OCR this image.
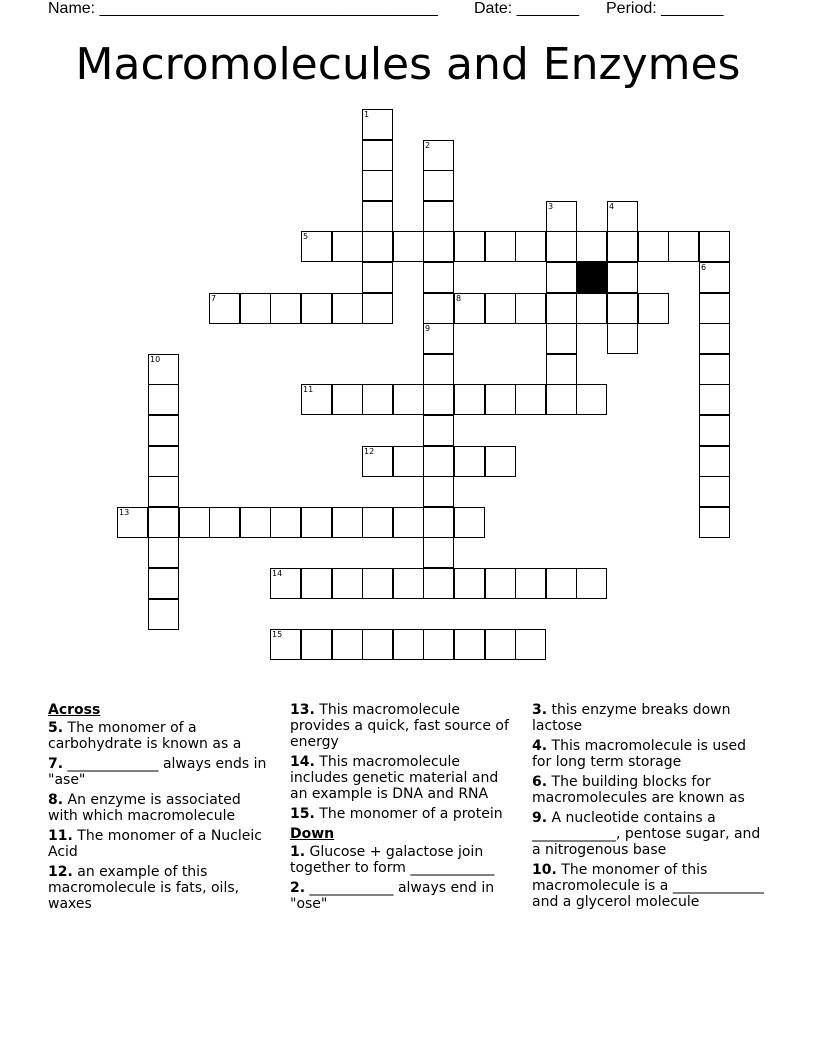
Name: ______________________________________ Date: _______ Period: _______
Macromolecules and Enzymes
1
2
3	4
5
6
7	8
9
10
11
12
13
14
15
Across
5. The monomer of a carbohydrate is known as a
7. _____________ always ends in "ase"
8. An enzyme is associated with which macromolecule
11. The monomer of a Nucleic Acid
12. an example of this macromolecule is fats, oils, waxes
13. This macromolecule provides a quick, fast source of energy
14. This macromolecule includes genetic material and an example is DNA and RNA
15. The monomer of a protein
Down
1. Glucose + galactose join together to form ____________
2. ____________ always end in "ose"
3. this enzyme breaks down lactose
4. This macromolecule is used for long term storage
6. The building blocks for macromolecules are known as
9. A nucleotide contains a ____________, pentose sugar, and a nitrogenous base
10. The monomer of this macromolecule is a _____________ and a glycerol molecule
